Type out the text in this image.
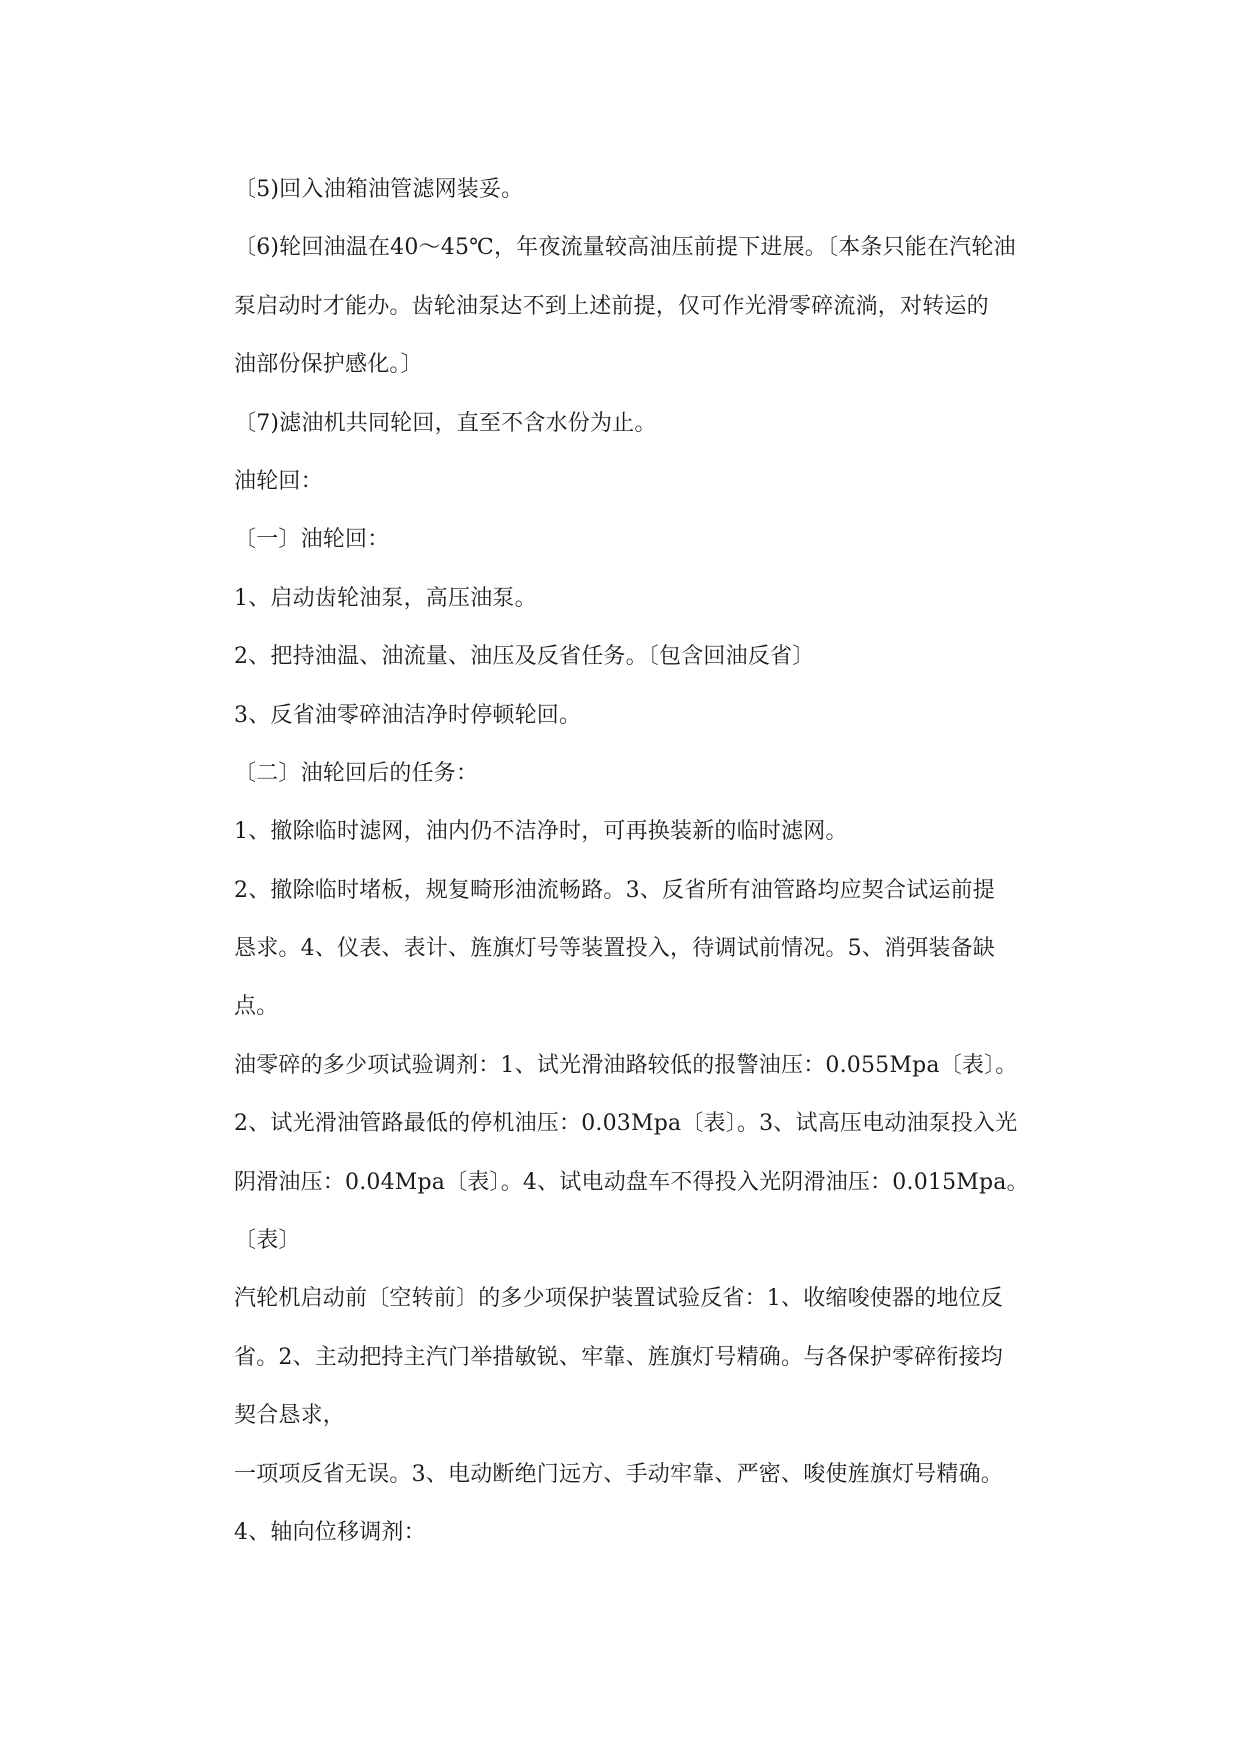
〔5)回入油箱油管滤网装妥。
〔6)轮回油温在40～45℃，年夜流量较高油压前提下进展。〔本条只能在汽轮油
泵启动时才能办。齿轮油泵达不到上述前提，仅可作光滑零碎流淌，对转运的
油部份保护感化。〕
〔7)滤油机共同轮回，直至不含水份为止。
油轮回：
〔一〕油轮回：
1、启动齿轮油泵，高压油泵。
2、把持油温、油流量、油压及反省任务。〔包含回油反省〕
3、反省油零碎油洁净时停顿轮回。
〔二〕油轮回后的任务：
1、撤除临时滤网，油内仍不洁净时，可再换装新的临时滤网。
2、撤除临时堵板，规复畸形油流畅路。3、反省所有油管路均应契合试运前提
恳求。4、仪表、表计、旌旗灯号等装置投入，待调试前情况。5、消弭装备缺
点。
油零碎的多少项试验调剂：1、试光滑油路较低的报警油压：0.055Mpa〔表〕。
2、试光滑油管路最低的停机油压：0.03Mpa〔表〕。3、试高压电动油泵投入光
阴滑油压：0.04Mpa〔表〕。4、试电动盘车不得投入光阴滑油压：0.015Mpa。
〔表〕
汽轮机启动前〔空转前〕的多少项保护装置试验反省：1、收缩唆使器的地位反
省。2、主动把持主汽门举措敏锐、牢靠、旌旗灯号精确。与各保护零碎衔接均
契合恳求，
一项项反省无误。3、电动断绝门远方、手动牢靠、严密、唆使旌旗灯号精确。
4、轴向位移调剂：
